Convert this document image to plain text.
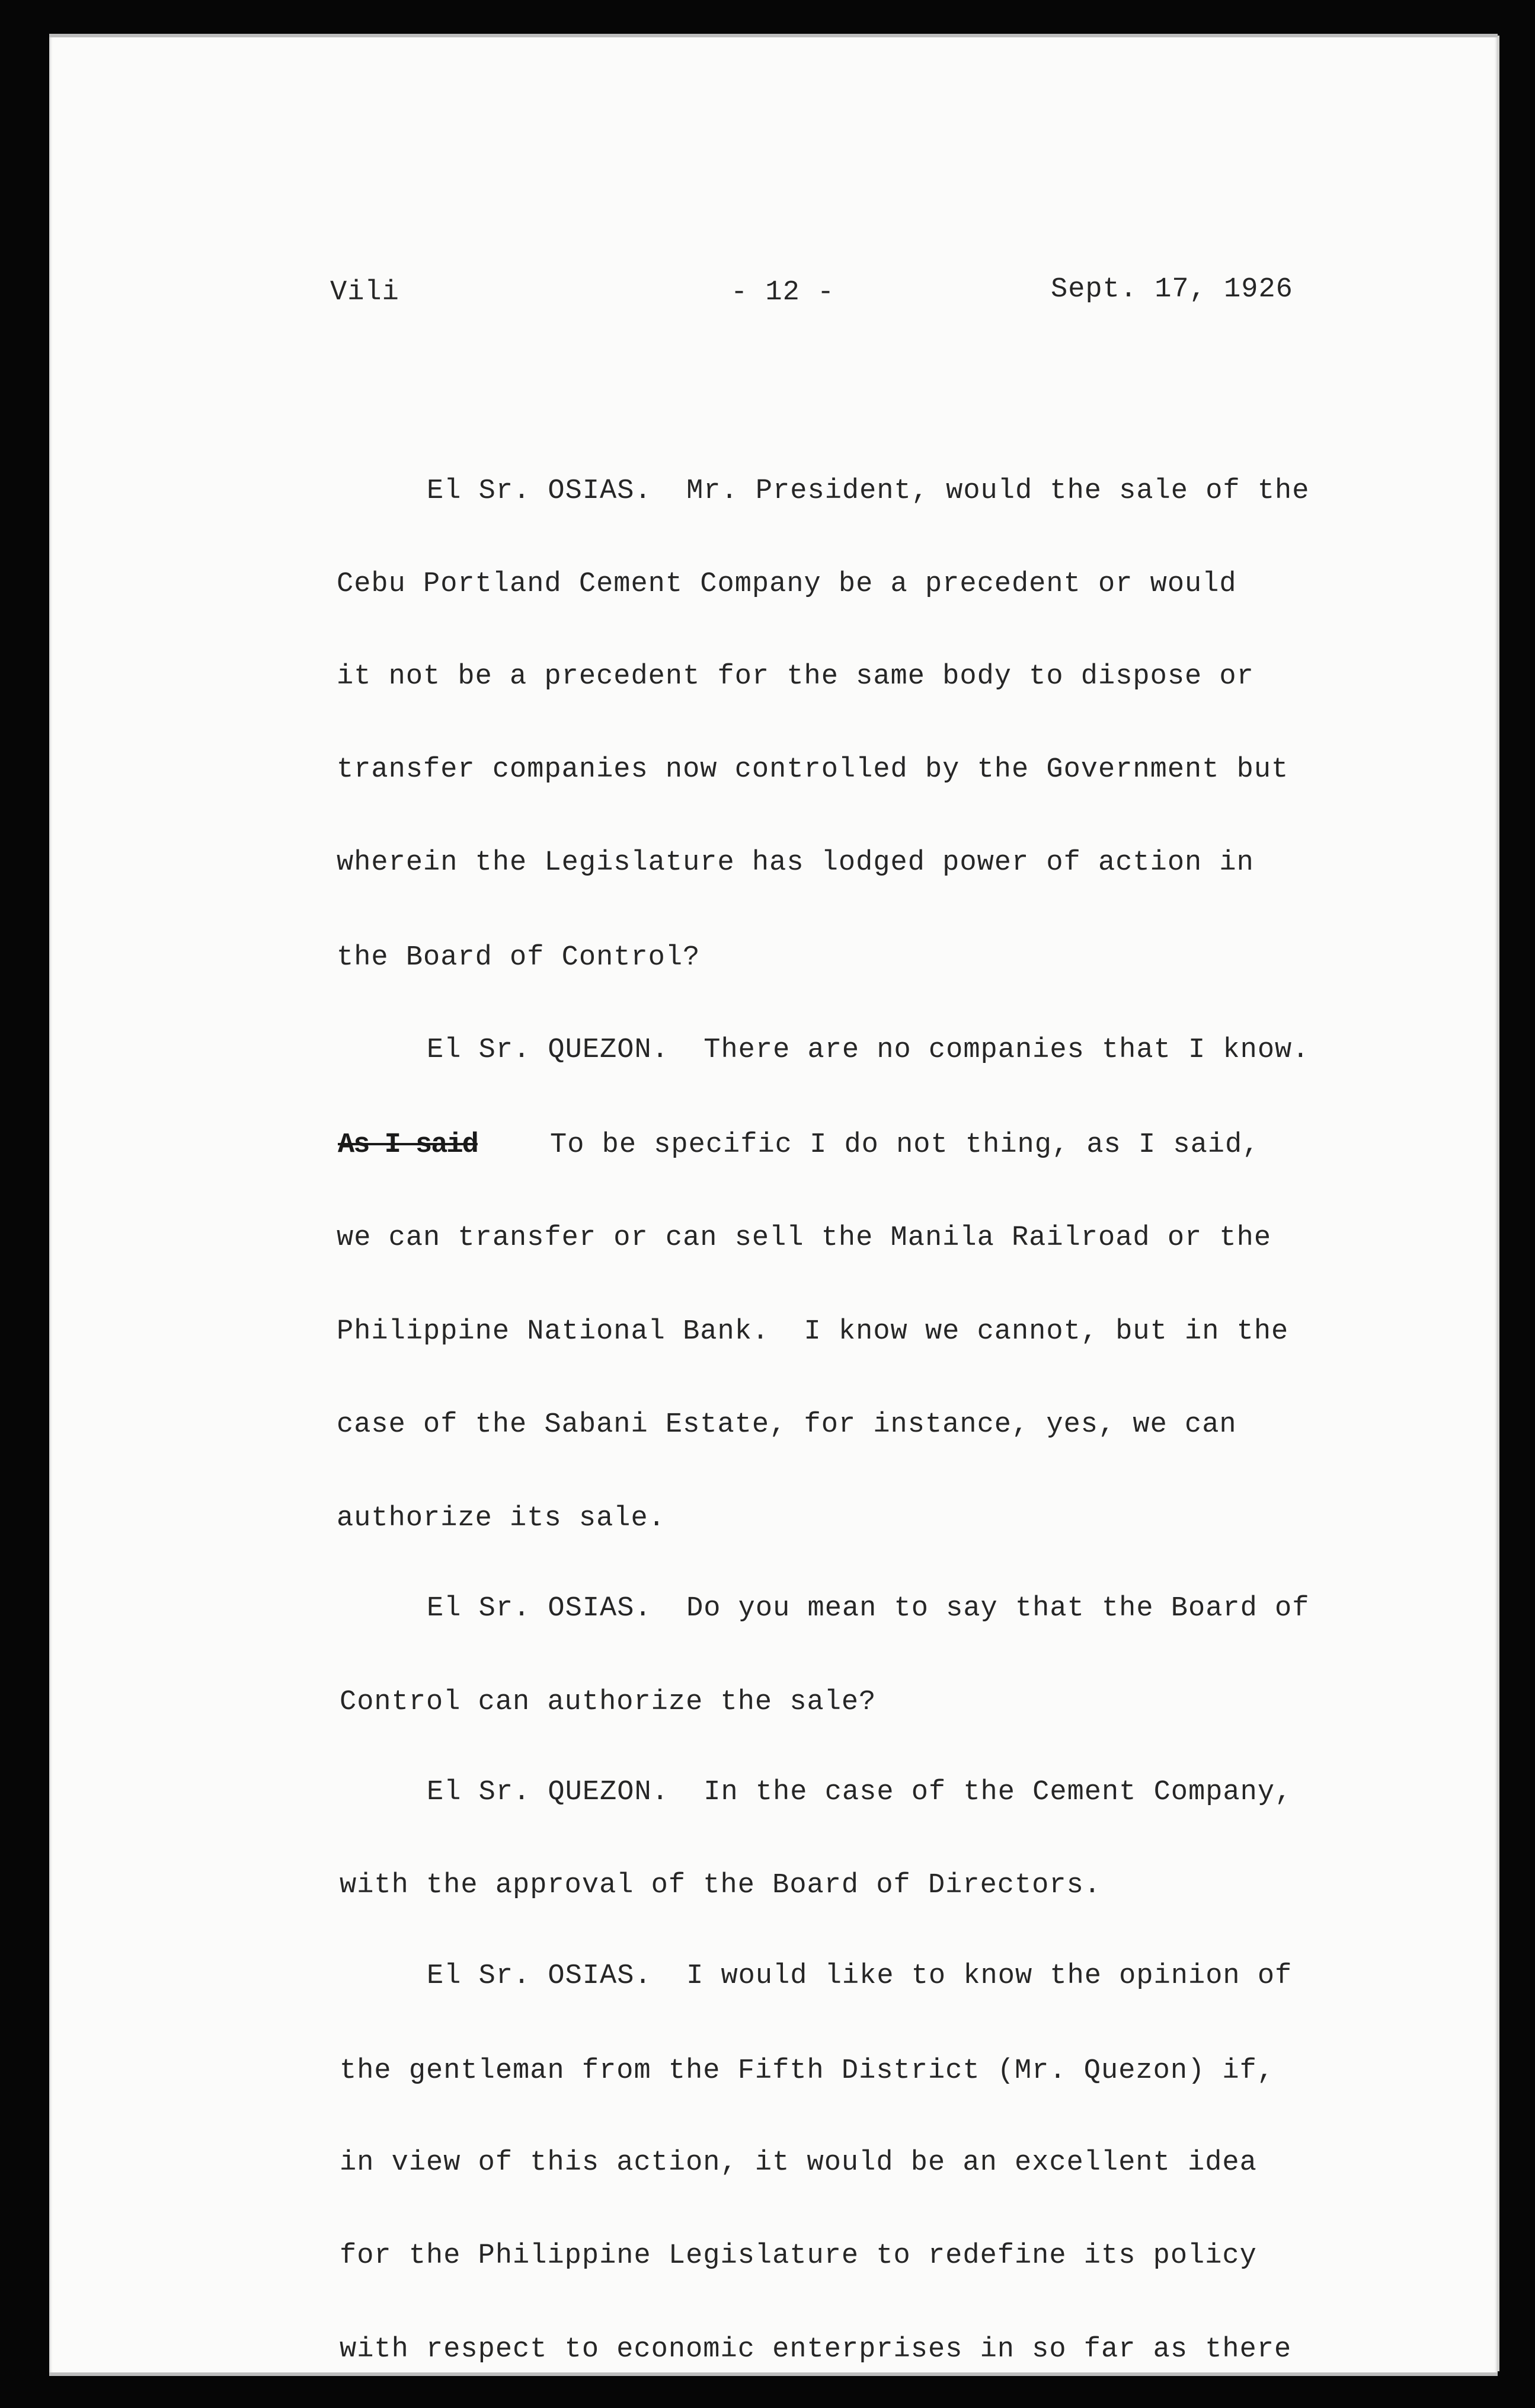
Vili	- 12 -	Sept. 17, 1926
El Sr. OSIAS.  Mr. President, would the sale of the
Cebu Portland Cement Company be a precedent or would
it not be a precedent for the same body to dispose or
transfer companies now controlled by the Government but
wherein the Legislature has lodged power of action in
the Board of Control?
El Sr. QUEZON.  There are no companies that I know.
As I said	To be specific I do not thing, as I said,
we can transfer or can sell the Manila Railroad or the
Philippine National Bank.  I know we cannot, but in the
case of the Sabani Estate, for instance, yes, we can
authorize its sale.
El Sr. OSIAS.  Do you mean to say that the Board of
Control can authorize the sale?
El Sr. QUEZON.  In the case of the Cement Company,
with the approval of the Board of Directors.
El Sr. OSIAS.  I would like to know the opinion of
the gentleman from the Fifth District (Mr. Quezon) if,
in view of this action, it would be an excellent idea
for the Philippine Legislature to redefine its policy
with respect to economic enterprises in so far as there
